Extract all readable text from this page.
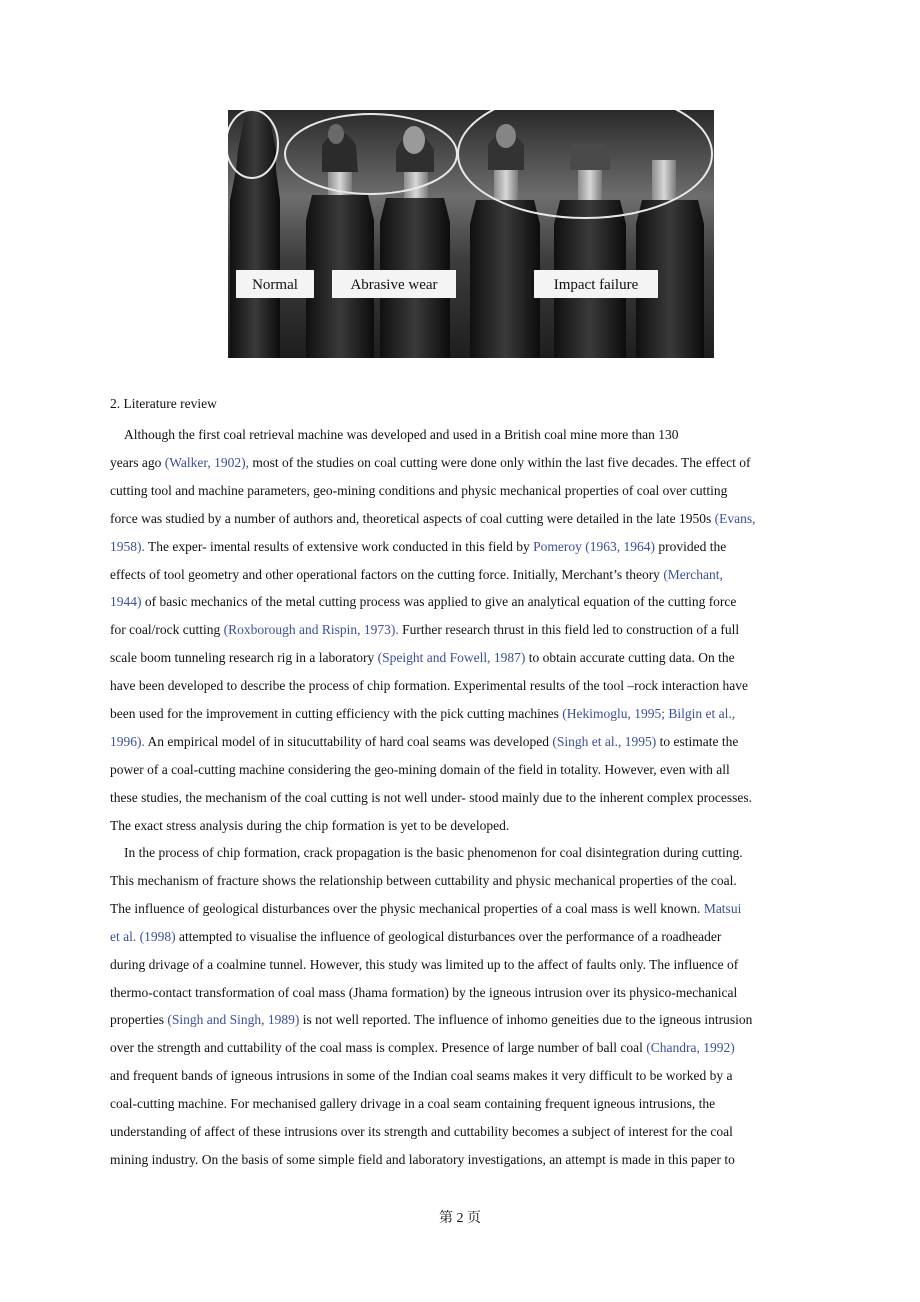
Normal	Abrasive wear	Impact failure
2. Literature review
Although the first coal retrieval machine was developed and used in a British coal mine more than 130
years ago (Walker, 1902), most of the studies on coal cutting were done only within the last five decades. The effect of
cutting tool and machine parameters, geo-mining conditions and physic mechanical properties of coal over cutting
force was studied by a number of authors and, theoretical aspects of coal cutting were detailed in the late 1950s (Evans,
1958). The exper- imental results of extensive work conducted in this field by Pomeroy (1963, 1964) provided the
effects of tool geometry and other operational factors on the cutting force. Initially, Merchant’s theory (Merchant,
1944) of basic mechanics of the metal cutting process was applied to give an analytical equation of the cutting force
for coal/rock cutting (Roxborough and Rispin, 1973). Further research thrust in this field led to construction of a full
scale boom tunneling research rig in a laboratory (Speight and Fowell, 1987) to obtain accurate cutting data. On the
have been developed to describe the process of chip formation. Experimental results of the tool –rock interaction have
been used for the improvement in cutting efficiency with the pick cutting machines (Hekimoglu, 1995; Bilgin et al.,
1996). An empirical model of in situcuttability of hard coal seams was developed (Singh et al., 1995) to estimate the
power of a coal-cutting machine considering the geo-mining domain of the field in totality. However, even with all
these studies, the mechanism of the coal cutting is not well under- stood mainly due to the inherent complex processes.
The exact stress analysis during the chip formation is yet to be developed.
In the process of chip formation, crack propagation is the basic phenomenon for coal disintegration during cutting.
This mechanism of fracture shows the relationship between cuttability and physic mechanical properties of the coal.
The influence of geological disturbances over the physic mechanical properties of a coal mass is well known. Matsui
et al. (1998) attempted to visualise the influence of geological disturbances over the performance of a roadheader
during drivage of a coalmine tunnel. However, this study was limited up to the affect of faults only. The influence of
thermo-contact transformation of coal mass (Jhama formation) by the igneous intrusion over its physico-mechanical
properties (Singh and Singh, 1989) is not well reported. The influence of inhomo geneities due to the igneous intrusion
over the strength and cuttability of the coal mass is complex. Presence of large number of ball coal (Chandra, 1992)
and frequent bands of igneous intrusions in some of the Indian coal seams makes it very difficult to be worked by a
coal-cutting machine. For mechanised gallery drivage in a coal seam containing frequent igneous intrusions, the
understanding of affect of these intrusions over its strength and cuttability becomes a subject of interest for the coal
mining industry. On the basis of some simple field and laboratory investigations, an attempt is made in this paper to
第 2 页
